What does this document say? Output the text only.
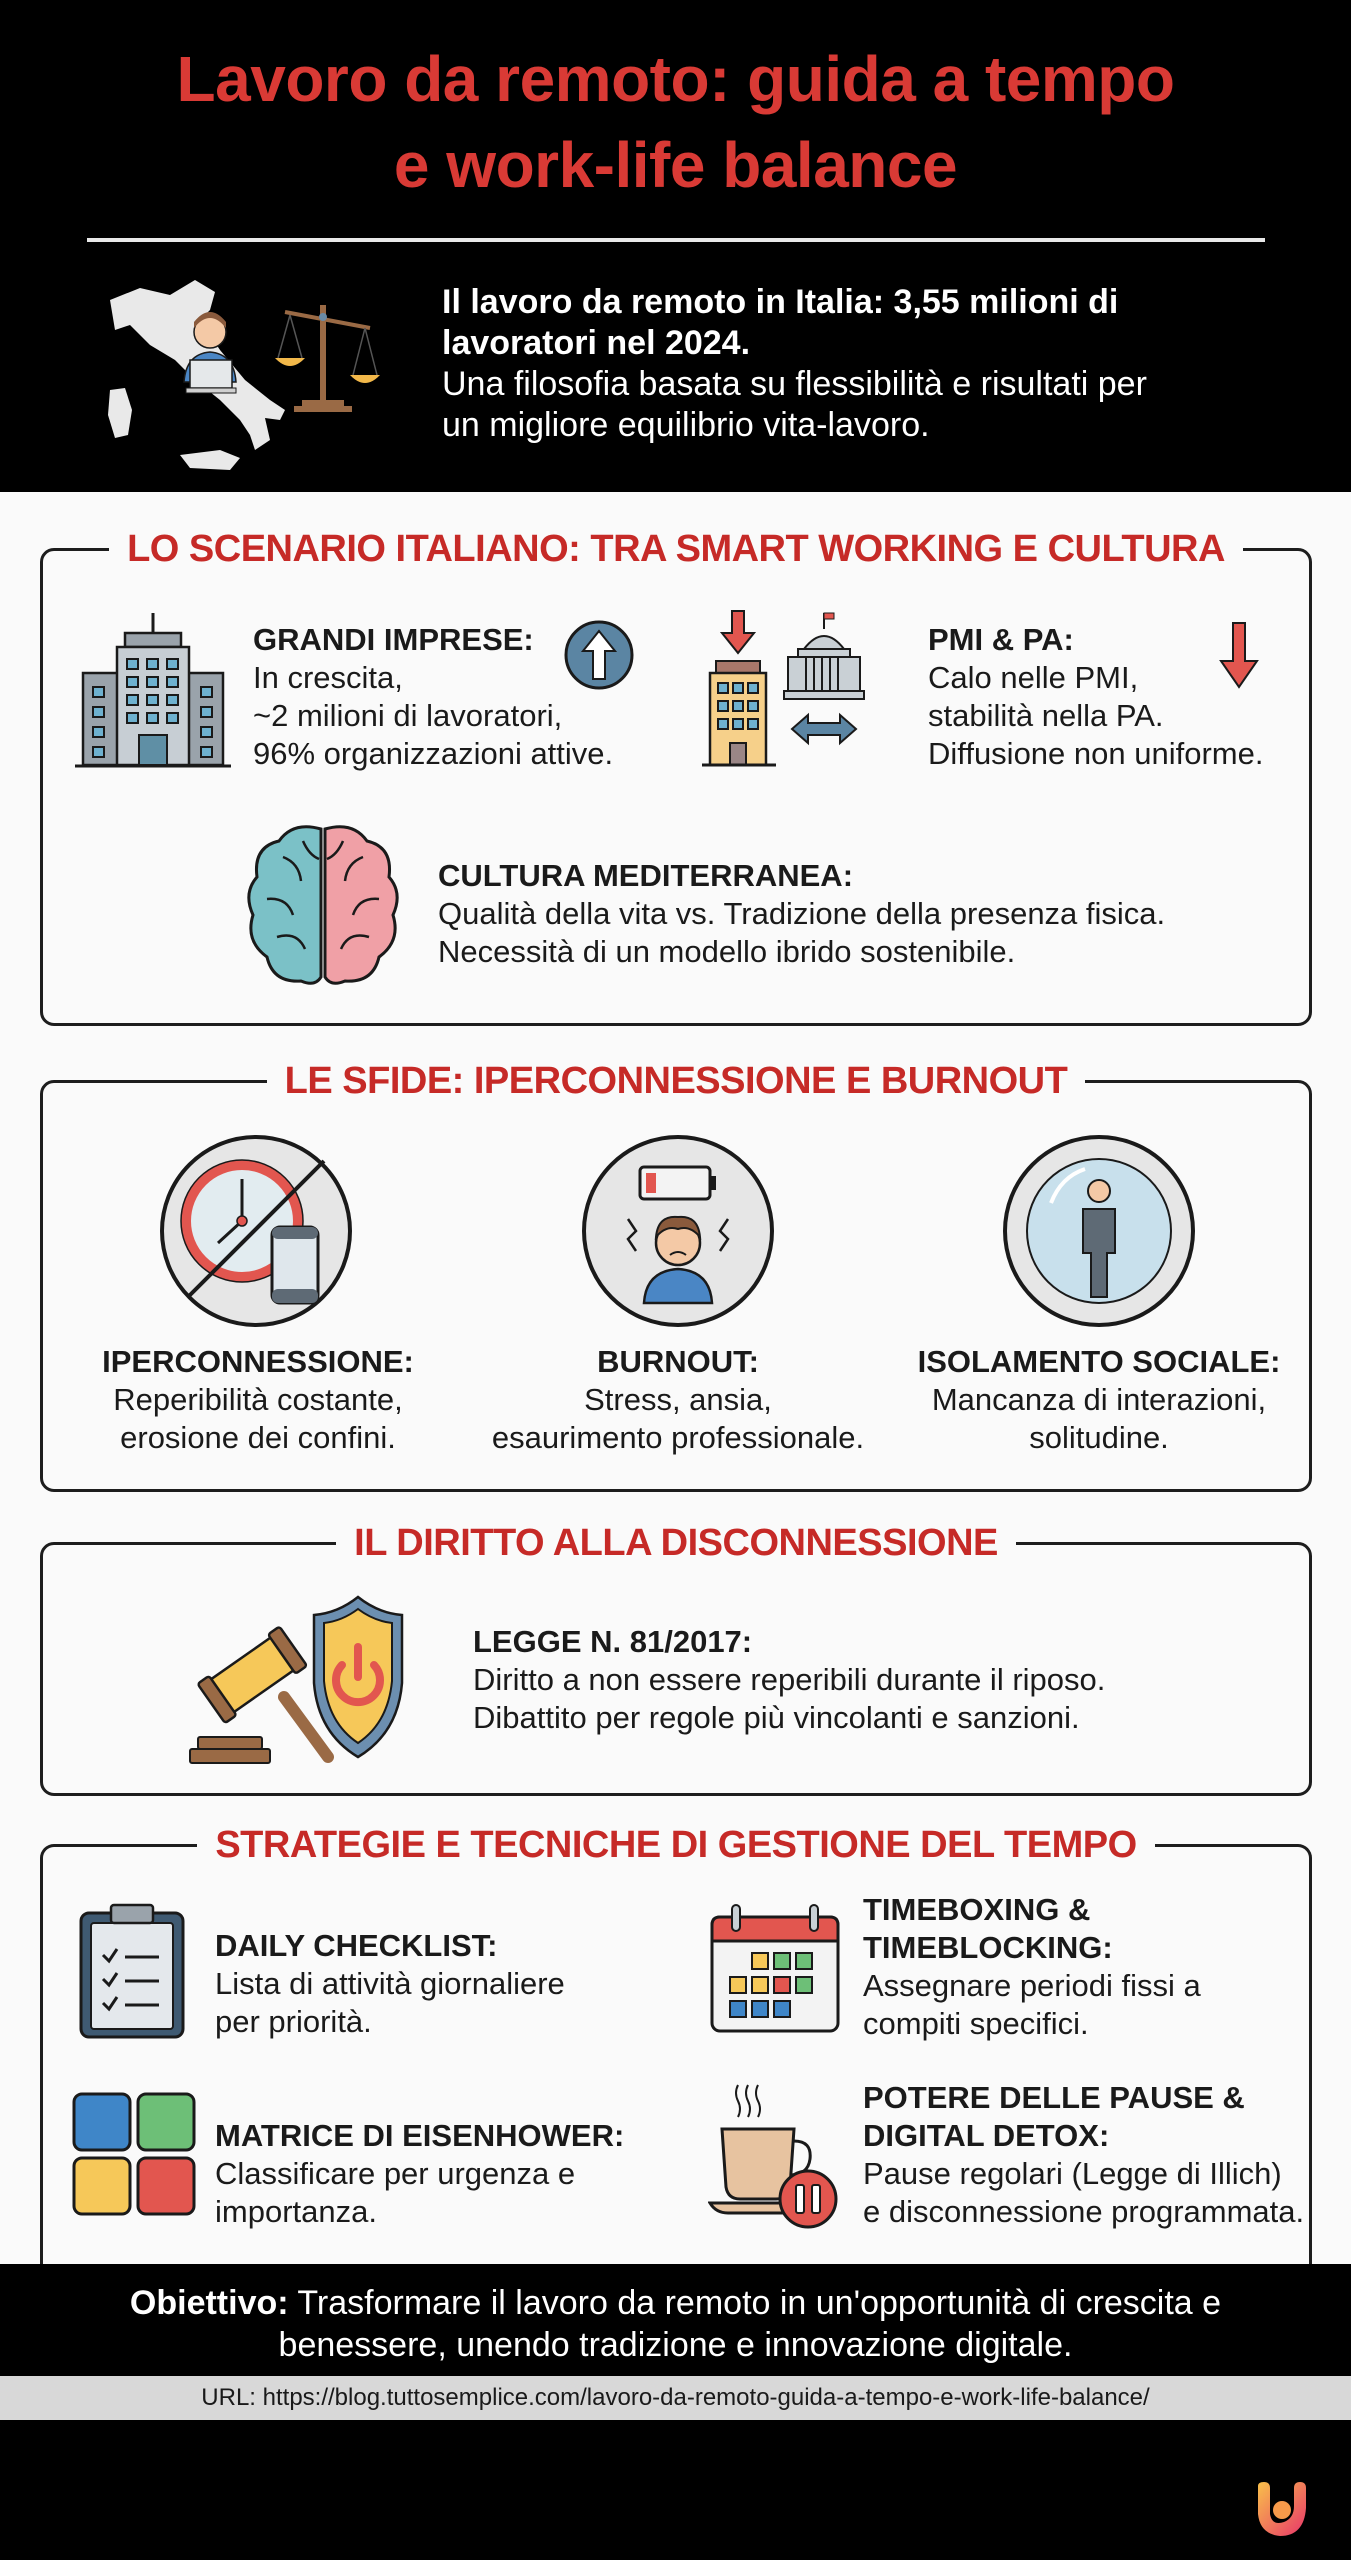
Lavoro da remoto: guida a tempo
e work-life balance
Il lavoro da remoto in Italia: 3,55 milioni di
lavoratori nel 2024.
Una filosofia basata su flessibilità e risultati per
un migliore equilibrio vita-lavoro.
LO SCENARIO ITALIANO: TRA SMART WORKING E CULTURA
GRANDI IMPRESE:
In crescita,
~2 milioni di lavoratori,
96% organizzazioni attive.
PMI & PA:
Calo nelle PMI,
stabilità nella PA.
Diffusione non uniforme.
CULTURA MEDITERRANEA:
Qualità della vita vs. Tradizione della presenza fisica.
Necessità di un modello ibrido sostenibile.
LE SFIDE: IPERCONNESSIONE E BURNOUT
IPERCONNESSIONE:
Reperibilità costante,
erosione dei confini.
BURNOUT:
Stress, ansia,
esaurimento professionale.
ISOLAMENTO SOCIALE:
Mancanza di interazioni,
solitudine.
IL DIRITTO ALLA DISCONNESSIONE
LEGGE N. 81/2017:
Diritto a non essere reperibili durante il riposo.
Dibattito per regole più vincolanti e sanzioni.
STRATEGIE E TECNICHE DI GESTIONE DEL TEMPO
DAILY CHECKLIST:
Lista di attività giornaliere
per priorità.
TIMEBOXING &
TIMEBLOCKING:
Assegnare periodi fissi a
compiti specifici.
MATRICE DI EISENHOWER:
Classificare per urgenza e
importanza.
POTERE DELLE PAUSE &
DIGITAL DETOX:
Pause regolari (Legge di Illich)
e disconnessione programmata.
Obiettivo: Trasformare il lavoro da remoto in un'opportunità di crescita e
benessere, unendo tradizione e innovazione digitale.
URL: https://blog.tuttosemplice.com/lavoro-da-remoto-guida-a-tempo-e-work-life-balance/
